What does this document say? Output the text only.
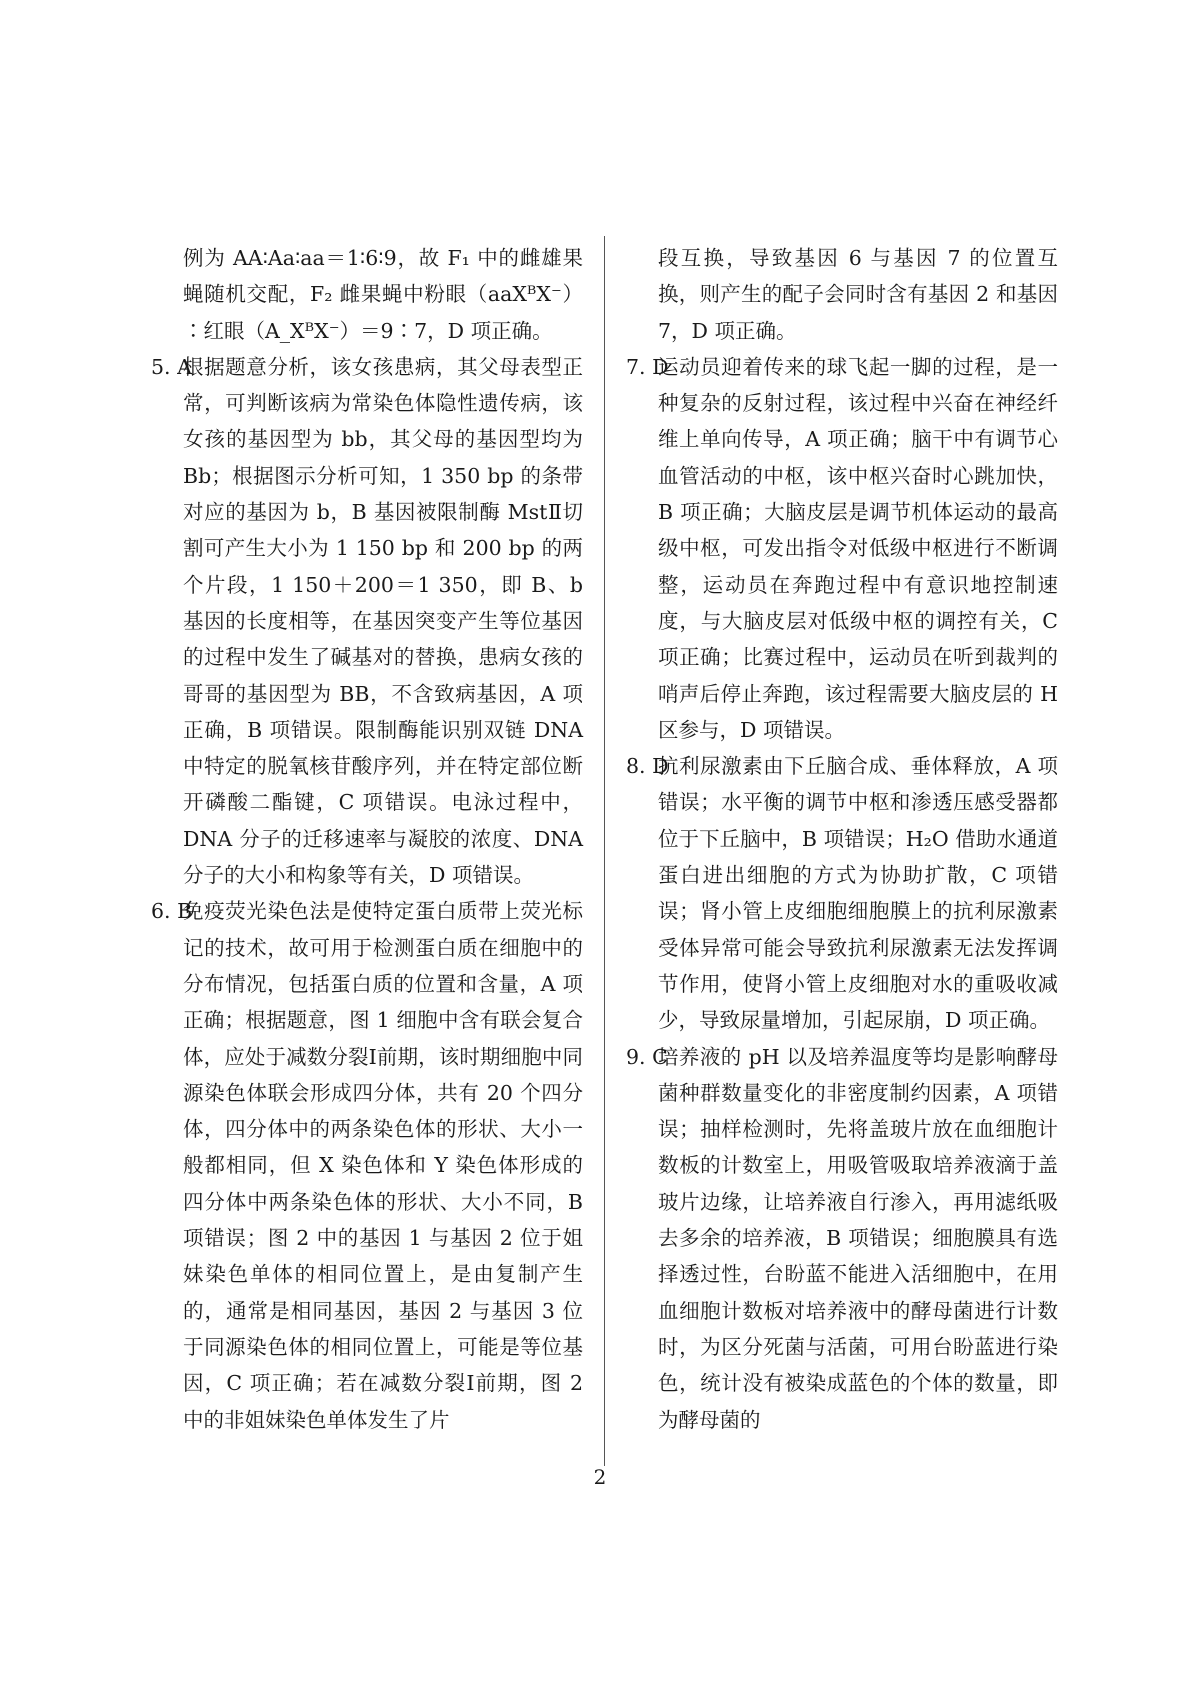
例为 AA∶Aa∶aa＝1∶6∶9，故 F₁ 中的雌雄果蝇随机交配，F₂ 雌果蝇中粉眼（aaXᴮX⁻）∶红眼（A_XᴮX⁻）＝9∶7，D 项正确。

5. A
根据题意分析，该女孩患病，其父母表型正常，可判断该病为常染色体隐性遗传病，该女孩的基因型为 bb，其父母的基因型均为 Bb；根据图示分析可知，1 350 bp 的条带对应的基因为 b，B 基因被限制酶 MstⅡ切割可产生大小为 1 150 bp 和 200 bp 的两个片段，1 150＋200＝1 350，即 B、b 基因的长度相等，在基因突变产生等位基因的过程中发生了碱基对的替换，患病女孩的哥哥的基因型为 BB，不含致病基因，A 项正确，B 项错误。限制酶能识别双链 DNA 中特定的脱氧核苷酸序列，并在特定部位断开磷酸二酯键，C 项错误。电泳过程中，DNA 分子的迁移速率与凝胶的浓度、DNA 分子的大小和构象等有关，D 项错误。

6. B
免疫荧光染色法是使特定蛋白质带上荧光标记的技术，故可用于检测蛋白质在细胞中的分布情况，包括蛋白质的位置和含量，A 项正确；根据题意，图 1 细胞中含有联会复合体，应处于减数分裂Ⅰ前期，该时期细胞中同源染色体联会形成四分体，共有 20 个四分体，四分体中的两条染色体的形状、大小一般都相同，但 X 染色体和 Y 染色体形成的四分体中两条染色体的形状、大小不同，B 项错误；图 2 中的基因 1 与基因 2 位于姐妹染色单体的相同位置上，是由复制产生的，通常是相同基因，基因 2 与基因 3 位于同源染色体的相同位置上，可能是等位基因，C 项正确；若在减数分裂Ⅰ前期，图 2 中的非姐妹染色单体发生了片

段互换，导致基因 6 与基因 7 的位置互换，则产生的配子会同时含有基因 2 和基因 7，D 项正确。

7. D
运动员迎着传来的球飞起一脚的过程，是一种复杂的反射过程，该过程中兴奋在神经纤维上单向传导，A 项正确；脑干中有调节心血管活动的中枢，该中枢兴奋时心跳加快，B 项正确；大脑皮层是调节机体运动的最高级中枢，可发出指令对低级中枢进行不断调整，运动员在奔跑过程中有意识地控制速度，与大脑皮层对低级中枢的调控有关，C 项正确；比赛过程中，运动员在听到裁判的哨声后停止奔跑，该过程需要大脑皮层的 H 区参与，D 项错误。

8. D
抗利尿激素由下丘脑合成、垂体释放，A 项错误；水平衡的调节中枢和渗透压感受器都位于下丘脑中，B 项错误；H₂O 借助水通道蛋白进出细胞的方式为协助扩散，C 项错误；肾小管上皮细胞细胞膜上的抗利尿激素受体异常可能会导致抗利尿激素无法发挥调节作用，使肾小管上皮细胞对水的重吸收减少，导致尿量增加，引起尿崩，D 项正确。

9. C
培养液的 pH 以及培养温度等均是影响酵母菌种群数量变化的非密度制约因素，A 项错误；抽样检测时，先将盖玻片放在血细胞计数板的计数室上，用吸管吸取培养液滴于盖玻片边缘，让培养液自行渗入，再用滤纸吸去多余的培养液，B 项错误；细胞膜具有选择透过性，台盼蓝不能进入活细胞中，在用血细胞计数板对培养液中的酵母菌进行计数时，为区分死菌与活菌，可用台盼蓝进行染色，统计没有被染成蓝色的个体的数量，即为酵母菌的

2
